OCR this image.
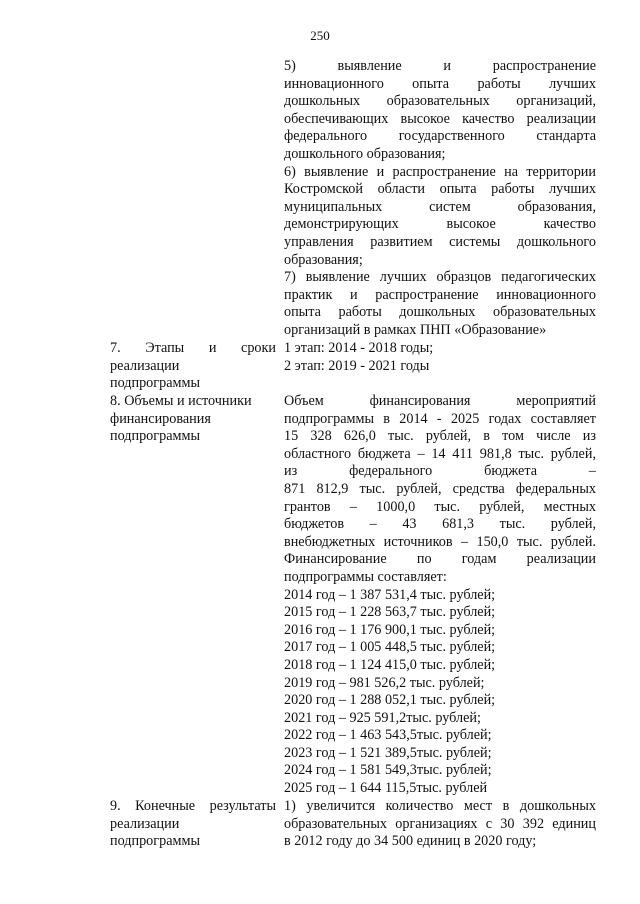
250
5) выявление и распространение
инновационного опыта работы лучших
дошкольных образовательных организаций,
обеспечивающих высокое качество реализации
федерального государственного стандарта
дошкольного образования;
6) выявление и распространение на территории
Костромской области опыта работы лучших
муниципальных систем образования,
демонстрирующих высокое качество
управления развитием системы дошкольного
образования;
7) выявление лучших образцов педагогических
практик и распространение инновационного
опыта работы дошкольных образовательных
организаций в рамках ПНП «Образование»
7. Этапы и сроки
реализации
подпрограммы
1 этап: 2014 - 2018 годы;
2 этап: 2019 - 2021 годы
8. Объемы и источники
финансирования
подпрограммы
Объем финансирования мероприятий
подпрограммы в 2014 - 2025 годах составляет
15 328 626,0 тыс. рублей, в том числе из
областного бюджета – 14 411 981,8 тыс. рублей,
из федерального бюджета –
871 812,9 тыс. рублей, средства федеральных
грантов – 1000,0 тыс. рублей, местных
бюджетов – 43 681,3 тыс. рублей,
внебюджетных источников – 150,0 тыс. рублей.
Финансирование по годам реализации
подпрограммы составляет:
2014 год – 1 387 531,4 тыс. рублей;
2015 год – 1 228 563,7 тыс. рублей;
2016 год – 1 176 900,1 тыс. рублей;
2017 год – 1 005 448,5 тыс. рублей;
2018 год – 1 124 415,0 тыс. рублей;
2019 год – 981 526,2 тыс. рублей;
2020 год – 1 288 052,1 тыс. рублей;
2021 год – 925 591,2тыс. рублей;
2022 год – 1 463 543,5тыс. рублей;
2023 год – 1 521 389,5тыс. рублей;
2024 год – 1 581 549,3тыс. рублей;
2025 год – 1 644 115,5тыс. рублей
9. Конечные результаты
реализации
подпрограммы
1) увеличится количество мест в дошкольных
образовательных организациях с 30 392 единиц
в 2012 году до 34 500 единиц в 2020 году;
